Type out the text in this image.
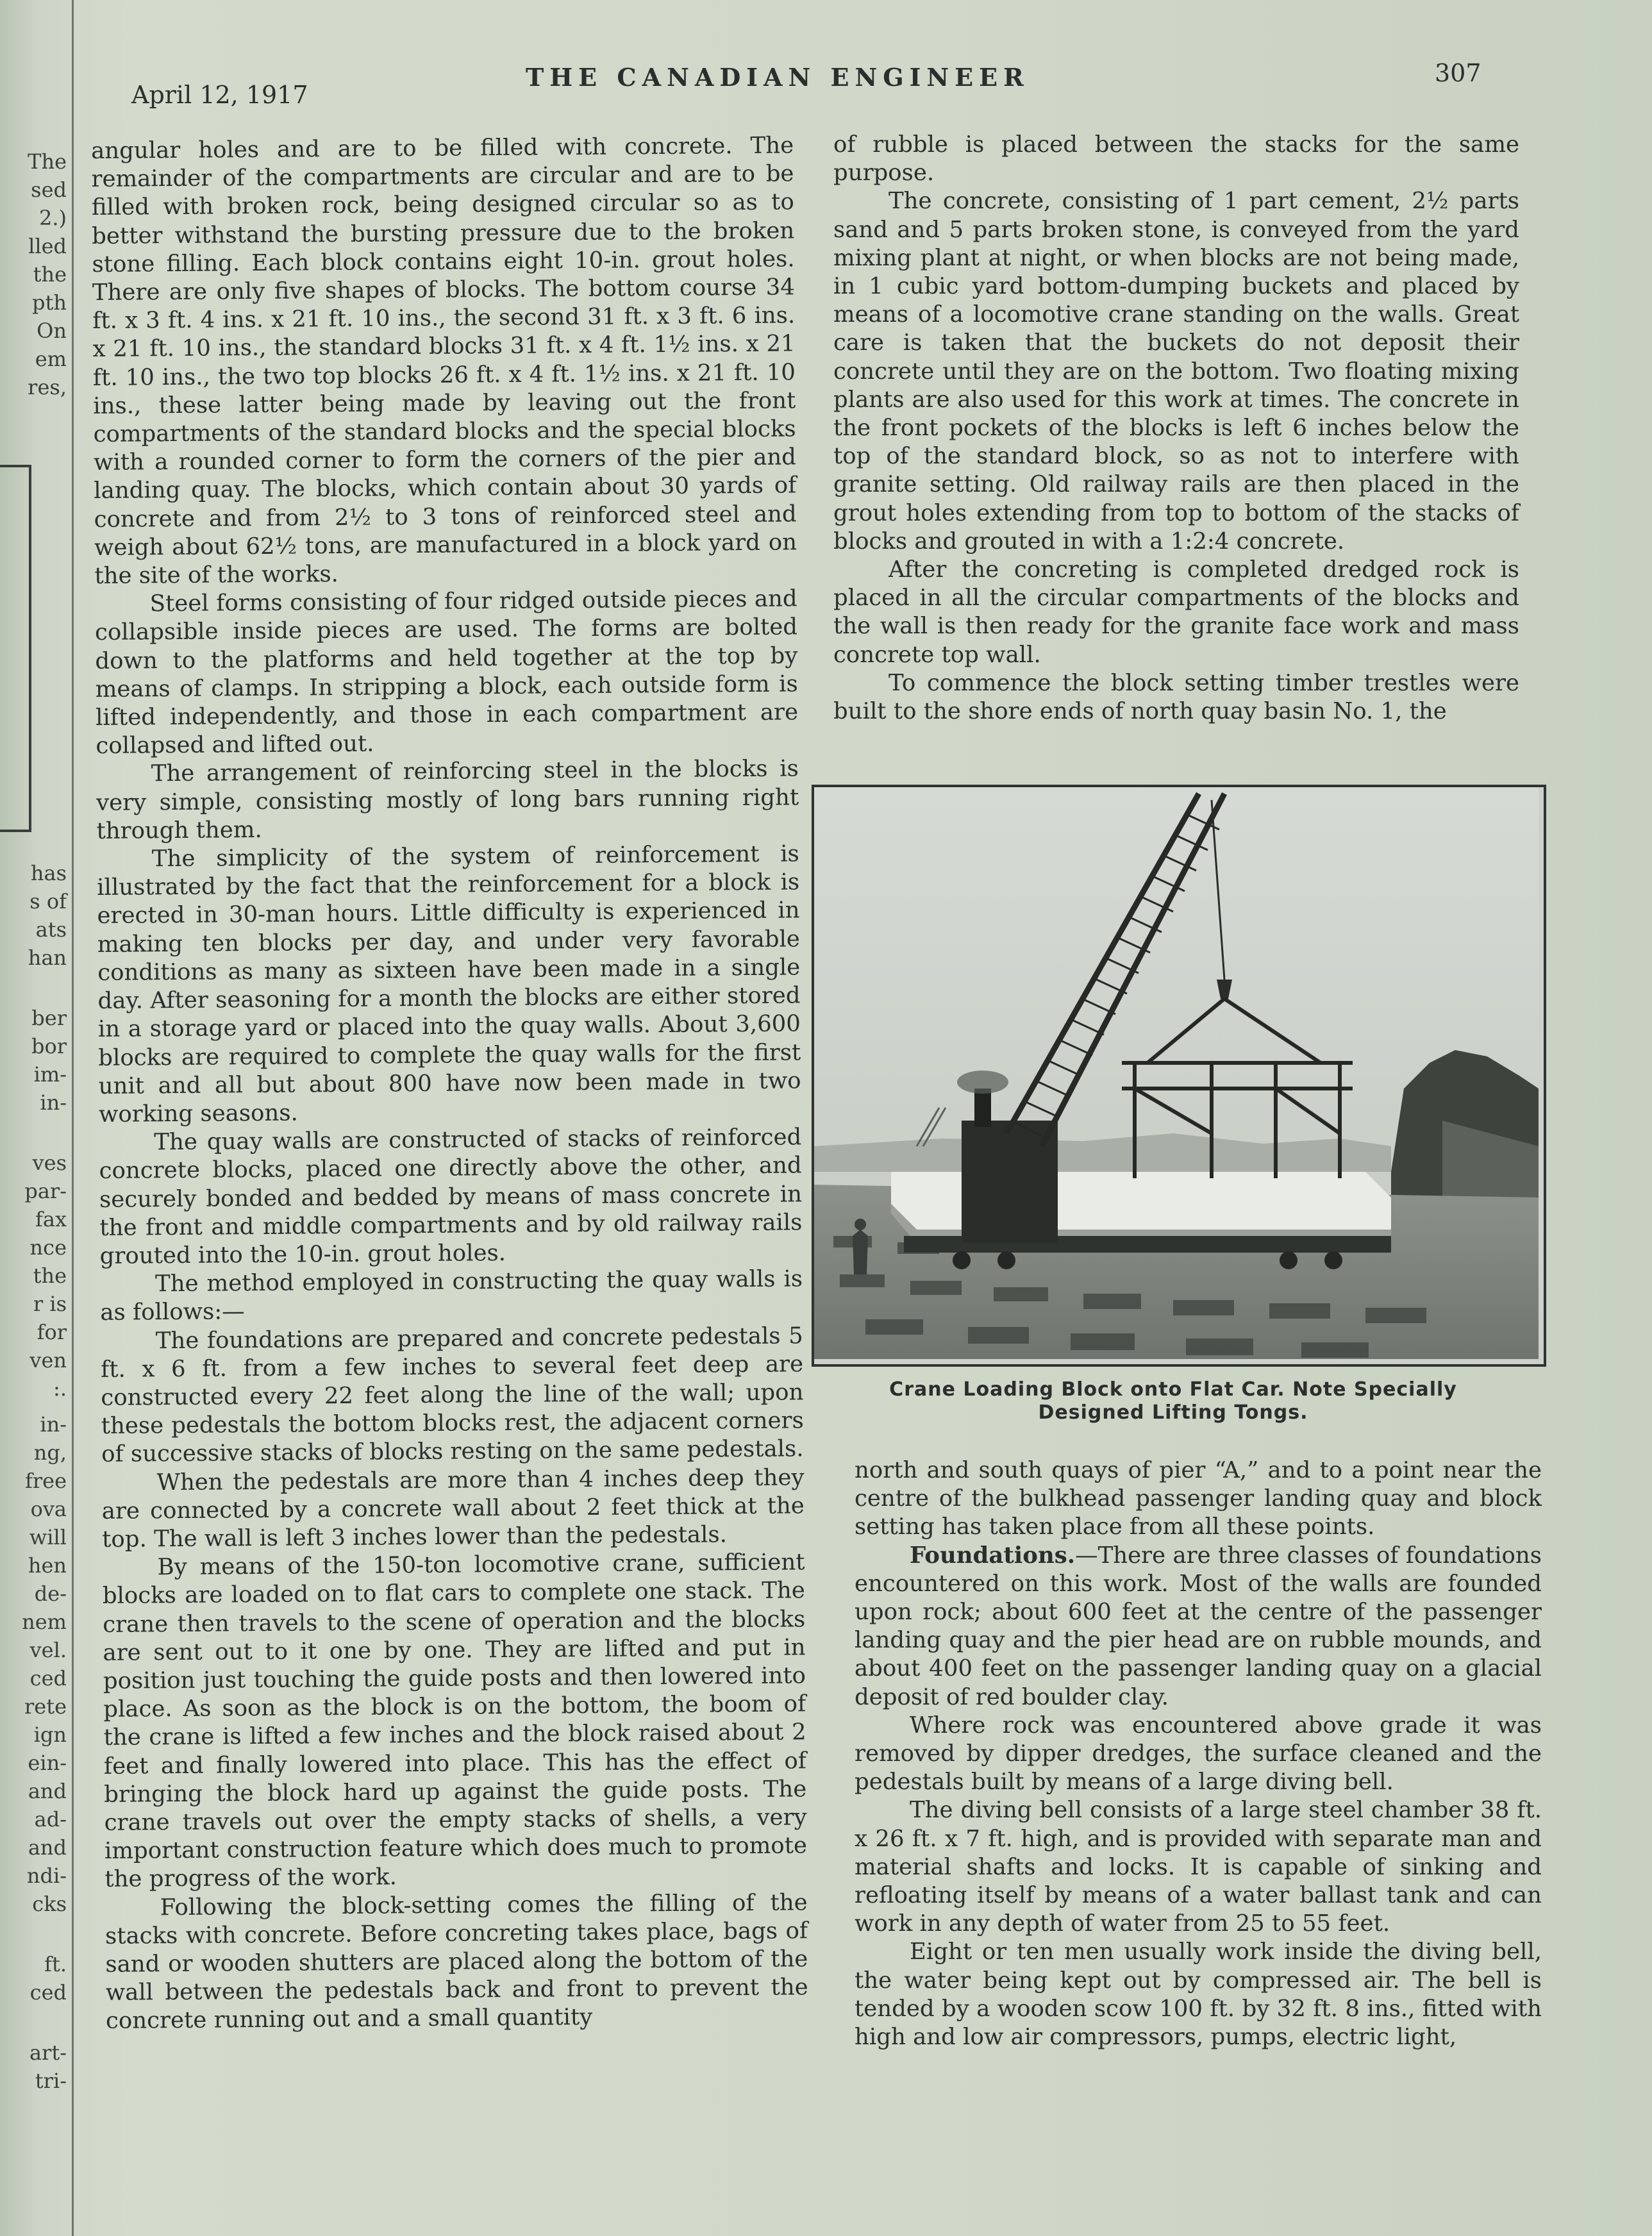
The
sed
2.)
lled
the
pth
On
em
res,
has
s of
ats
han
ber
bor
im-
in-
ves
par-
fax
nce
the
r is
for
ven
:.
in-
ng,
free
ova
will
hen
de-
nem
vel.
ced
rete
ign
ein-
and
ad-
and
ndi-
cks
ft.
ced
art-
tri-
April 12, 1917
THE CANADIAN ENGINEER	307

angular holes and are to be filled with concrete. The remainder of the compartments are circular and are to be filled with broken rock, being designed circular so as to better withstand the bursting pressure due to the broken stone filling. Each block contains eight 10-in. grout holes. There are only five shapes of blocks. The bottom course 34 ft. x 3 ft. 4 ins. x 21 ft. 10 ins., the second 31 ft. x 3 ft. 6 ins. x 21 ft. 10 ins., the standard blocks 31 ft. x 4 ft. 1½ ins. x 21 ft. 10 ins., the two top blocks 26 ft. x 4 ft. 1½ ins. x 21 ft. 10 ins., these latter being made by leaving out the front compartments of the standard blocks and the special blocks with a rounded corner to form the corners of the pier and landing quay. The blocks, which contain about 30 yards of concrete and from 2½ to 3 tons of reinforced steel and weigh about 62½ tons, are manufactured in a block yard on the site of the works.

Steel forms consisting of four ridged outside pieces and collapsible inside pieces are used. The forms are bolted down to the platforms and held together at the top by means of clamps. In stripping a block, each outside form is lifted independently, and those in each compartment are collapsed and lifted out.

The arrangement of reinforcing steel in the blocks is very simple, consisting mostly of long bars running right through them.

The simplicity of the system of reinforcement is illustrated by the fact that the reinforcement for a block is erected in 30-man hours. Little difficulty is experienced in making ten blocks per day, and under very favorable conditions as many as sixteen have been made in a single day. After seasoning for a month the blocks are either stored in a storage yard or placed into the quay walls. About 3,600 blocks are required to complete the quay walls for the first unit and all but about 800 have now been made in two working seasons.

The quay walls are constructed of stacks of reinforced concrete blocks, placed one directly above the other, and securely bonded and bedded by means of mass concrete in the front and middle compartments and by old railway rails grouted into the 10-in. grout holes.

The method employed in constructing the quay walls is as follows:—

The foundations are prepared and concrete pedestals 5 ft. x 6 ft. from a few inches to several feet deep are constructed every 22 feet along the line of the wall; upon these pedestals the bottom blocks rest, the adjacent corners of successive stacks of blocks resting on the same pedestals.

When the pedestals are more than 4 inches deep they are connected by a concrete wall about 2 feet thick at the top. The wall is left 3 inches lower than the pedestals.

By means of the 150-ton locomotive crane, sufficient blocks are loaded on to flat cars to complete one stack. The crane then travels to the scene of operation and the blocks are sent out to it one by one. They are lifted and put in position just touching the guide posts and then lowered into place. As soon as the block is on the bottom, the boom of the crane is lifted a few inches and the block raised about 2 feet and finally lowered into place. This has the effect of bringing the block hard up against the guide posts. The crane travels out over the empty stacks of shells, a very important construction feature which does much to promote the progress of the work.

Following the block-setting comes the filling of the stacks with concrete. Before concreting takes place, bags of sand or wooden shutters are placed along the bottom of the wall between the pedestals back and front to prevent the concrete running out and a small quantity

of rubble is placed between the stacks for the same purpose.

The concrete, consisting of 1 part cement, 2½ parts sand and 5 parts broken stone, is conveyed from the yard mixing plant at night, or when blocks are not being made, in 1 cubic yard bottom-dumping buckets and placed by means of a locomotive crane standing on the walls. Great care is taken that the buckets do not deposit their concrete until they are on the bottom. Two floating mixing plants are also used for this work at times. The concrete in the front pockets of the blocks is left 6 inches below the top of the standard block, so as not to interfere with granite setting. Old railway rails are then placed in the grout holes extending from top to bottom of the stacks of blocks and grouted in with a 1:2:4 concrete.

After the concreting is completed dredged rock is placed in all the circular compartments of the blocks and the wall is then ready for the granite face work and mass concrete top wall.

To commence the block setting timber trestles were built to the shore ends of north quay basin No. 1, the

Crane Loading Block onto Flat Car. Note Specially
Designed Lifting Tongs.

north and south quays of pier “A,” and to a point near the centre of the bulkhead passenger landing quay and block setting has taken place from all these points.

Foundations.—There are three classes of foundations encountered on this work. Most of the walls are founded upon rock; about 600 feet at the centre of the passenger landing quay and the pier head are on rubble mounds, and about 400 feet on the passenger landing quay on a glacial deposit of red boulder clay.

Where rock was encountered above grade it was removed by dipper dredges, the surface cleaned and the pedestals built by means of a large diving bell.

The diving bell consists of a large steel chamber 38 ft. x 26 ft. x 7 ft. high, and is provided with separate man and material shafts and locks. It is capable of sinking and refloating itself by means of a water ballast tank and can work in any depth of water from 25 to 55 feet.

Eight or ten men usually work inside the diving bell, the water being kept out by compressed air. The bell is tended by a wooden scow 100 ft. by 32 ft. 8 ins., fitted with high and low air compressors, pumps, electric light,
